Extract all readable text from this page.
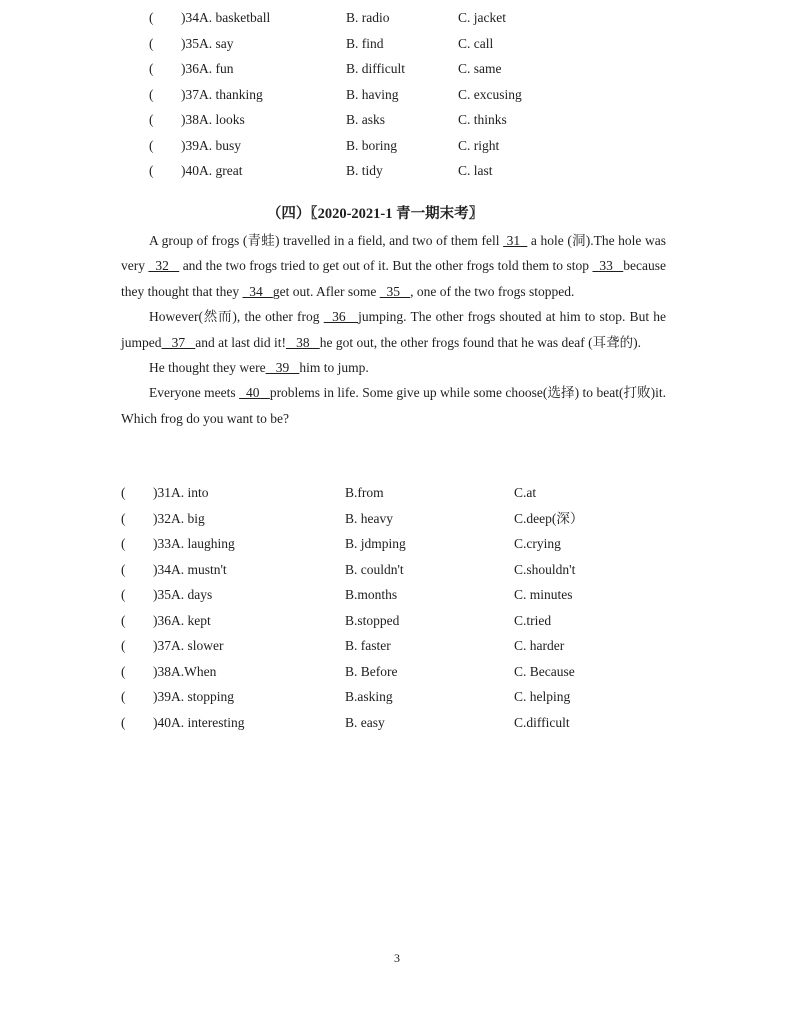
( )34 A. basketball	B. radio	C. jacket
( )35 A. say	B. find	C. call
( )36 A. fun	B. difficult	C. same
( )37 A. thanking	B. having	C. excusing
( )38 A. looks	B. asks	C. thinks
( )39 A. busy	B. boring	C. right
( )40 A. great	B. tidy	C. last
（四）〖2020-2021-1 青一期末考〗

A group of frogs (青蛙) travelled in a field, and two of them fell  31   a hole (洞).The hole was very   32    and the two frogs tried to get out of it. But the other frogs told them to stop   33   because they thought that they   34   get out. Afler some   35   , one of the two frogs stopped.

However(然而), the other frog   36   jumping. The other frogs shouted at him to stop. But he jumped   37   and at last did it!   38   he got out, the other frogs found that he was deaf (耳聋的).

He thought they were   39   him to jump.

Everyone meets   40   problems in life. Some give up while some choose(选择) to beat(打败)it. Which frog do you want to be?

( )31 A. into	B.from	C.at
( )32 A. big	B. heavy	C.deep(深）
( )33 A. laughing	B. jdmping	C.crying
( )34 A. mustn't	B. couldn't	C.shouldn't
( )35 A. days	B.months	C. minutes
( )36 A. kept	B.stopped	C.tried
( )37 A. slower	B. faster	C. harder
( )38 A.When	B. Before	C. Because
( )39 A. stopping	B.asking	C. helping
( )40 A. interesting	B. easy	C.difficult
3
